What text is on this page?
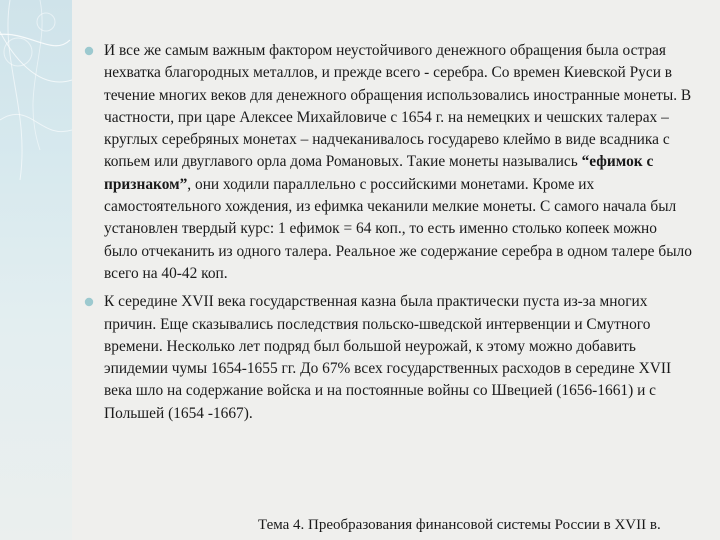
И все же самым важным фактором неустойчивого денежного обращения была острая нехватка благородных металлов, и прежде всего - серебра. Со времен Киевской Руси в течение многих веков для денежного обращения использовались иностранные монеты. В частности, при царе Алексее Михайловиче с 1654 г. на немецких и чешских талерах – круглых серебряных монетах – надчеканивалось государево клеймо в виде всадника с копьем или двуглавого орла дома Романовых. Такие монеты назывались “ефимок с признаком”, они ходили параллельно с российскими монетами. Кроме их самостоятельного хождения, из ефимка чеканили мелкие монеты. С самого начала был установлен твердый курс: 1 ефимок = 64 коп., то есть именно столько копеек можно было отчеканить из одного талера. Реальное же содержание серебра в одном талере было всего на 40-42 коп.

К середине XVII века государственная казна была практически пуста из-за многих причин. Еще сказывались последствия польско-шведской интервенции и Смутного времени. Несколько лет подряд был большой неурожай, к этому можно добавить эпидемии чумы 1654-1655 гг. До 67% всех государственных расходов в середине XVII века шло на содержание войска и на постоянные войны со Швецией (1656-1661) и с Польшей (1654 -1667).

Тема 4. Преобразования финансовой системы России в XVII в.
